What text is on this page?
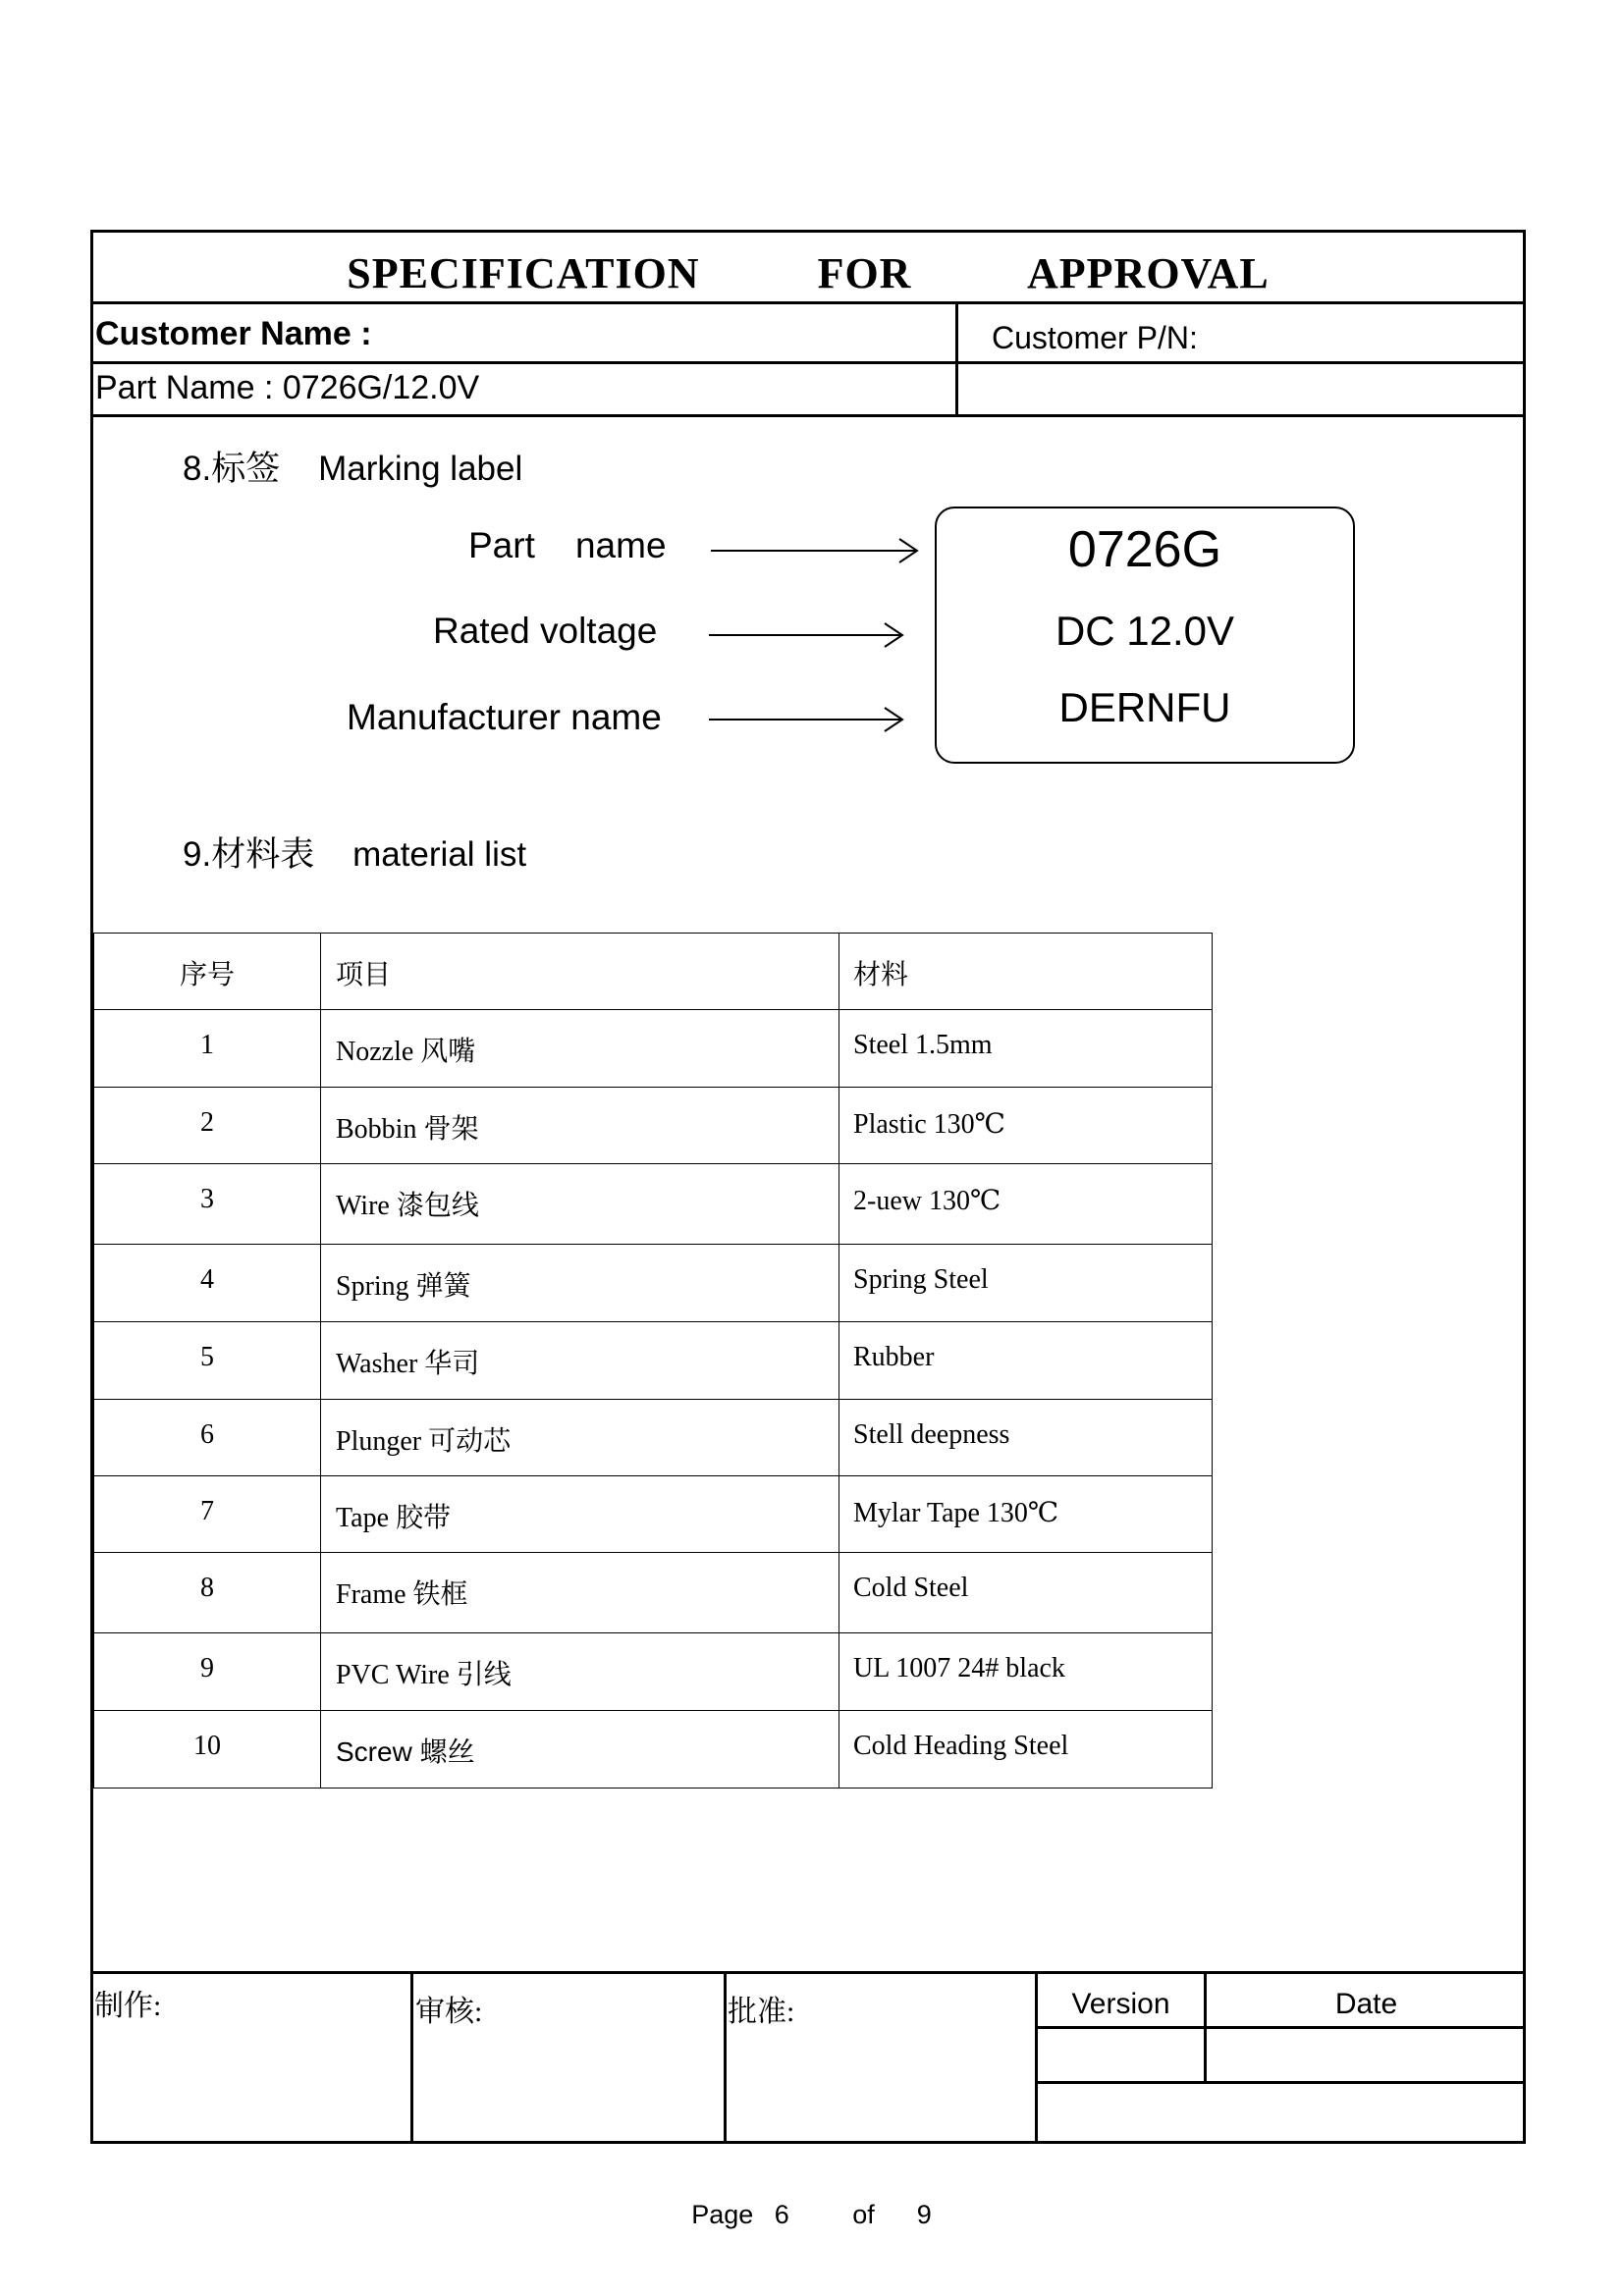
SPECIFICATION   FOR   APPROVAL
Customer Name :	Customer P/N:
Part Name : 0726G/12.0V
8.标签    Marking label
Part    name
Rated voltage
Manufacturer name
0726G
DC 12.0V
DERNFU
9.材料表    material list
序号	项目	材料
1	Nozzle 风嘴	Steel 1.5mm
2	Bobbin 骨架	Plastic 130℃
3	Wire 漆包线	2-uew 130℃
4	Spring 弹簧	Spring Steel
5	Washer 华司	Rubber
6	Plunger 可动芯	Stell deepness
7	Tape 胶带	Mylar Tape 130℃
8	Frame 铁框	Cold Steel
9	PVC Wire 引线	UL 1007 24# black
10	Screw 螺丝	Cold Heading Steel
制作:	审核:	批准:	Version	Date
Page 6   of  9
